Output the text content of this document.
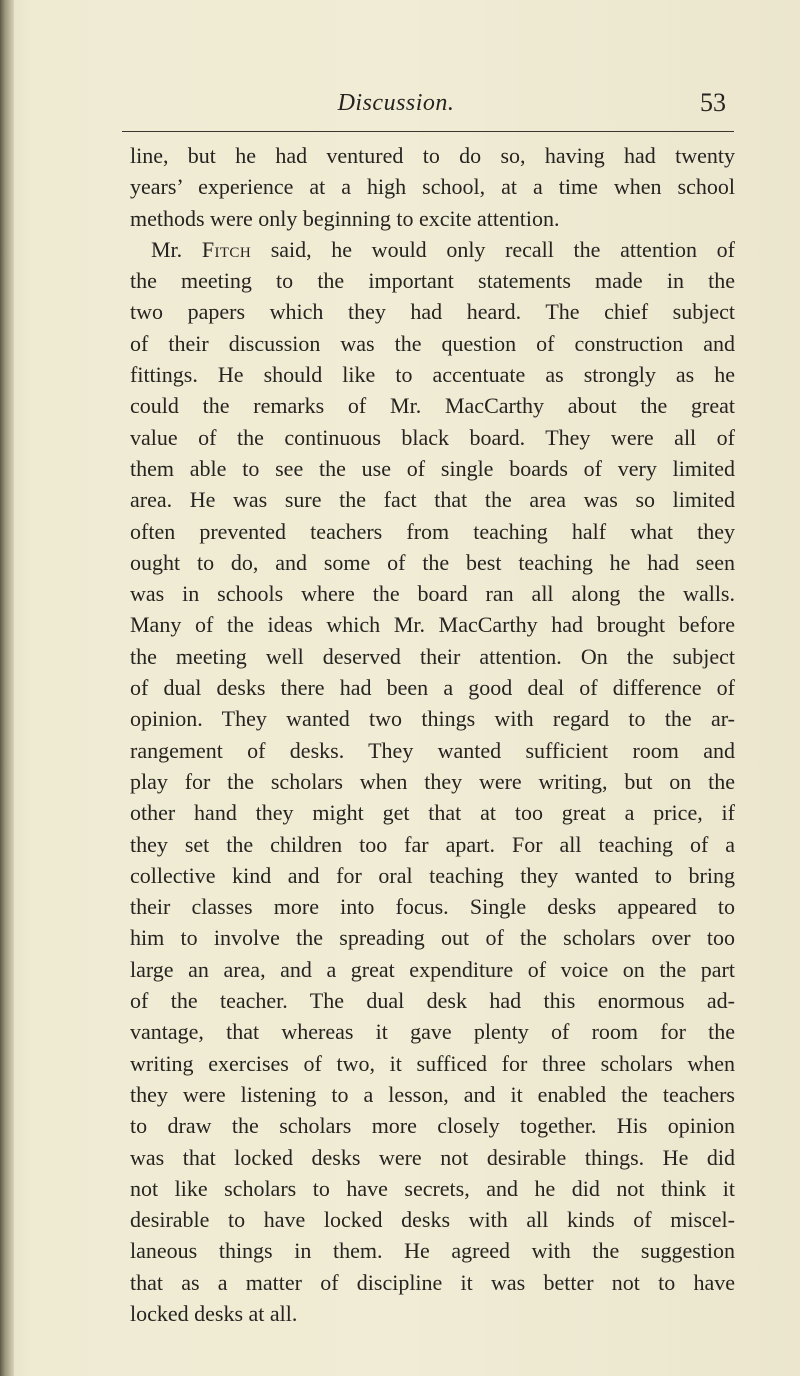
Discussion.	53
line, but he had ventured to do so, having had twenty
years’ experience at a high school, at a time when school
methods were only beginning to excite attention.
Mr. Fitch said, he would only recall the attention of
the meeting to the important statements made in the
two papers which they had heard. The chief subject
of their discussion was the question of construction and
fittings. He should like to accentuate as strongly as he
could the remarks of Mr. MacCarthy about the great
value of the continuous black board. They were all of
them able to see the use of single boards of very limited
area. He was sure the fact that the area was so limited
often prevented teachers from teaching half what they
ought to do, and some of the best teaching he had seen
was in schools where the board ran all along the walls.
Many of the ideas which Mr. MacCarthy had brought before
the meeting well deserved their attention. On the subject
of dual desks there had been a good deal of difference of
opinion. They wanted two things with regard to the ar-
rangement of desks. They wanted sufficient room and
play for the scholars when they were writing, but on the
other hand they might get that at too great a price, if
they set the children too far apart. For all teaching of a
collective kind and for oral teaching they wanted to bring
their classes more into focus. Single desks appeared to
him to involve the spreading out of the scholars over too
large an area, and a great expenditure of voice on the part
of the teacher. The dual desk had this enormous ad-
vantage, that whereas it gave plenty of room for the
writing exercises of two, it sufficed for three scholars when
they were listening to a lesson, and it enabled the teachers
to draw the scholars more closely together. His opinion
was that locked desks were not desirable things. He did
not like scholars to have secrets, and he did not think it
desirable to have locked desks with all kinds of miscel-
laneous things in them. He agreed with the suggestion
that as a matter of discipline it was better not to have
locked desks at all.
